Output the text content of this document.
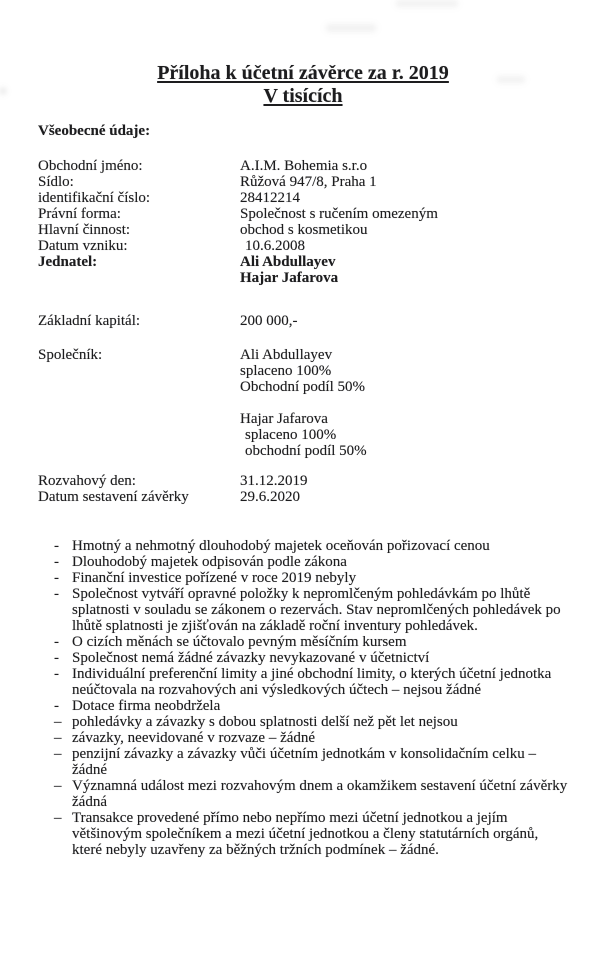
Příloha k účetní závěrce za r. 2019
V tisících
Všeobecné údaje:
Obchodní jméno:	A.I.M. Bohemia s.r.o
Sídlo:	Růžová 947/8, Praha 1
identifikační číslo:	28412214
Právní forma:	Společnost s ručením omezeným
Hlavní činnost:	obchod s kosmetikou
Datum vzniku:	10.6.2008
Jednatel:	Ali Abdullayev
Hajar Jafarova
Základní kapitál:	200 000,-
Společník:	Ali Abdullayev
splaceno 100%
Obchodní podíl 50%
Hajar Jafarova
splaceno 100%
obchodní podíl 50%
Rozvahový den:	31.12.2019
Datum sestavení závěrky	29.6.2020
- Hmotný a nehmotný dlouhodobý majetek oceňován pořizovací cenou
- Dlouhodobý majetek odpisován podle zákona
- Finanční investice pořízené v roce 2019 nebyly
- Společnost vytváří opravné položky k nepromlčeným pohledávkám po lhůtě splatnosti v souladu se zákonem o rezervách. Stav nepromlčených pohledávek po lhůtě splatnosti je zjišťován na základě roční inventury pohledávek.
- O cizích měnách se účtovalo pevným měsíčním kursem
- Společnost nemá žádné závazky nevykazované v účetnictví
- Individuální preferenční limity a jiné obchodní limity, o kterých účetní jednotka neúčtovala na rozvahových ani výsledkových účtech – nejsou žádné
- Dotace firma neobdržela
– pohledávky a závazky s dobou splatnosti delší než pět let nejsou
– závazky, neevidované v rozvaze – žádné
– penzijní závazky a závazky vůči účetním jednotkám v konsolidačním celku – žádné
– Významná událost mezi rozvahovým dnem a okamžikem sestavení účetní závěrky žádná
– Transakce provedené přímo nebo nepřímo mezi účetní jednotkou a jejím většinovým společníkem a mezi účetní jednotkou a členy statutárních orgánů, které nebyly uzavřeny za běžných tržních podmínek – žádné.
